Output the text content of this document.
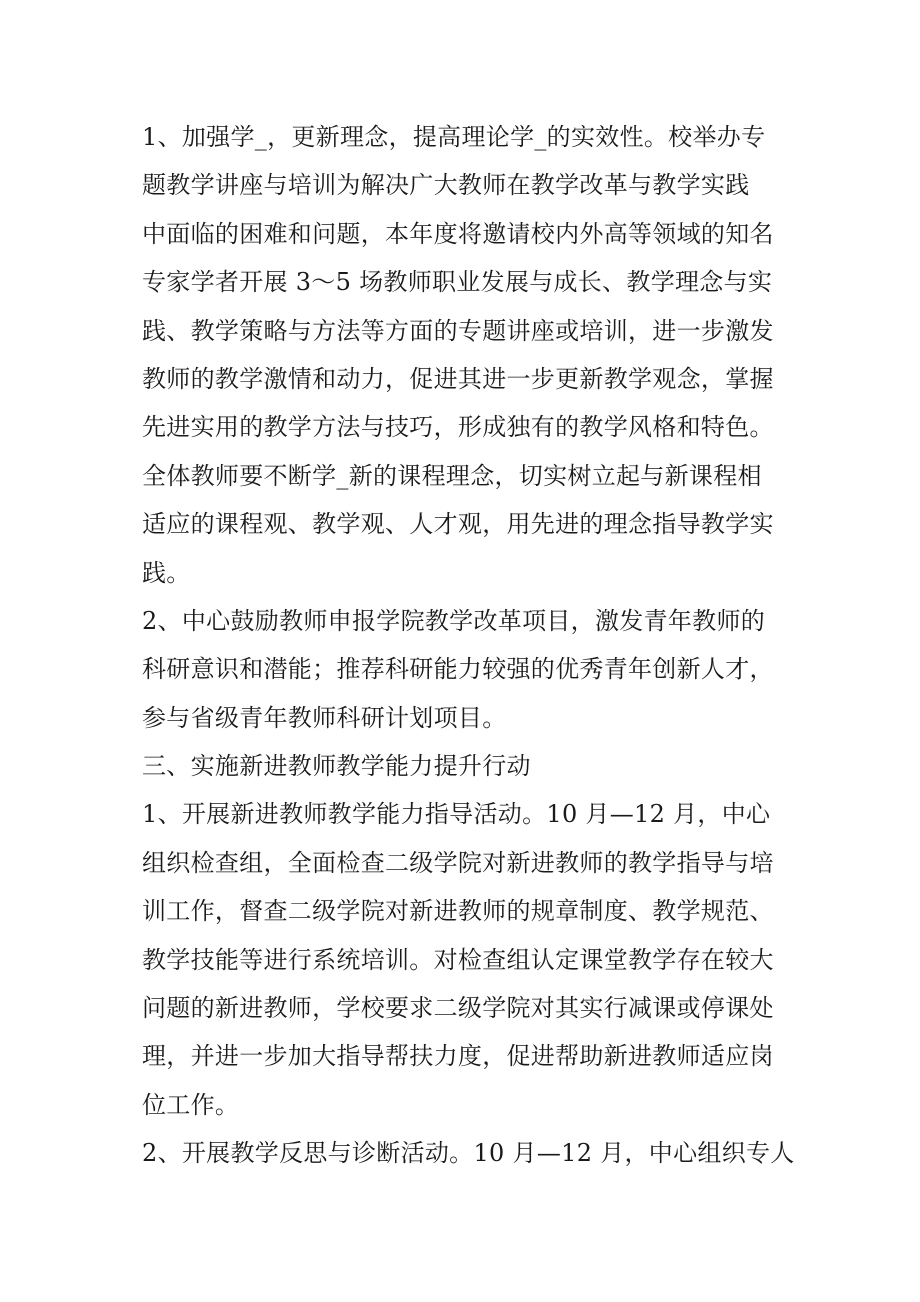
1、加强学_，更新理念，提高理论学_的实效性。校举办专
题教学讲座与培训为解决广大教师在教学改革与教学实践
中面临的困难和问题，本年度将邀请校内外高等领域的知名
专家学者开展 3～5 场教师职业发展与成长、教学理念与实
践、教学策略与方法等方面的专题讲座或培训，进一步激发
教师的教学激情和动力，促进其进一步更新教学观念，掌握
先进实用的教学方法与技巧，形成独有的教学风格和特色。
全体教师要不断学_新的课程理念，切实树立起与新课程相
适应的课程观、教学观、人才观，用先进的理念指导教学实
践。
2、中心鼓励教师申报学院教学改革项目，激发青年教师的
科研意识和潜能；推荐科研能力较强的优秀青年创新人才，
参与省级青年教师科研计划项目。
三、实施新进教师教学能力提升行动
1、开展新进教师教学能力指导活动。10 月—12 月，中心
组织检查组，全面检查二级学院对新进教师的教学指导与培
训工作，督查二级学院对新进教师的规章制度、教学规范、
教学技能等进行系统培训。对检查组认定课堂教学存在较大
问题的新进教师，学校要求二级学院对其实行减课或停课处
理，并进一步加大指导帮扶力度，促进帮助新进教师适应岗
位工作。
2、开展教学反思与诊断活动。10 月—12 月，中心组织专人
